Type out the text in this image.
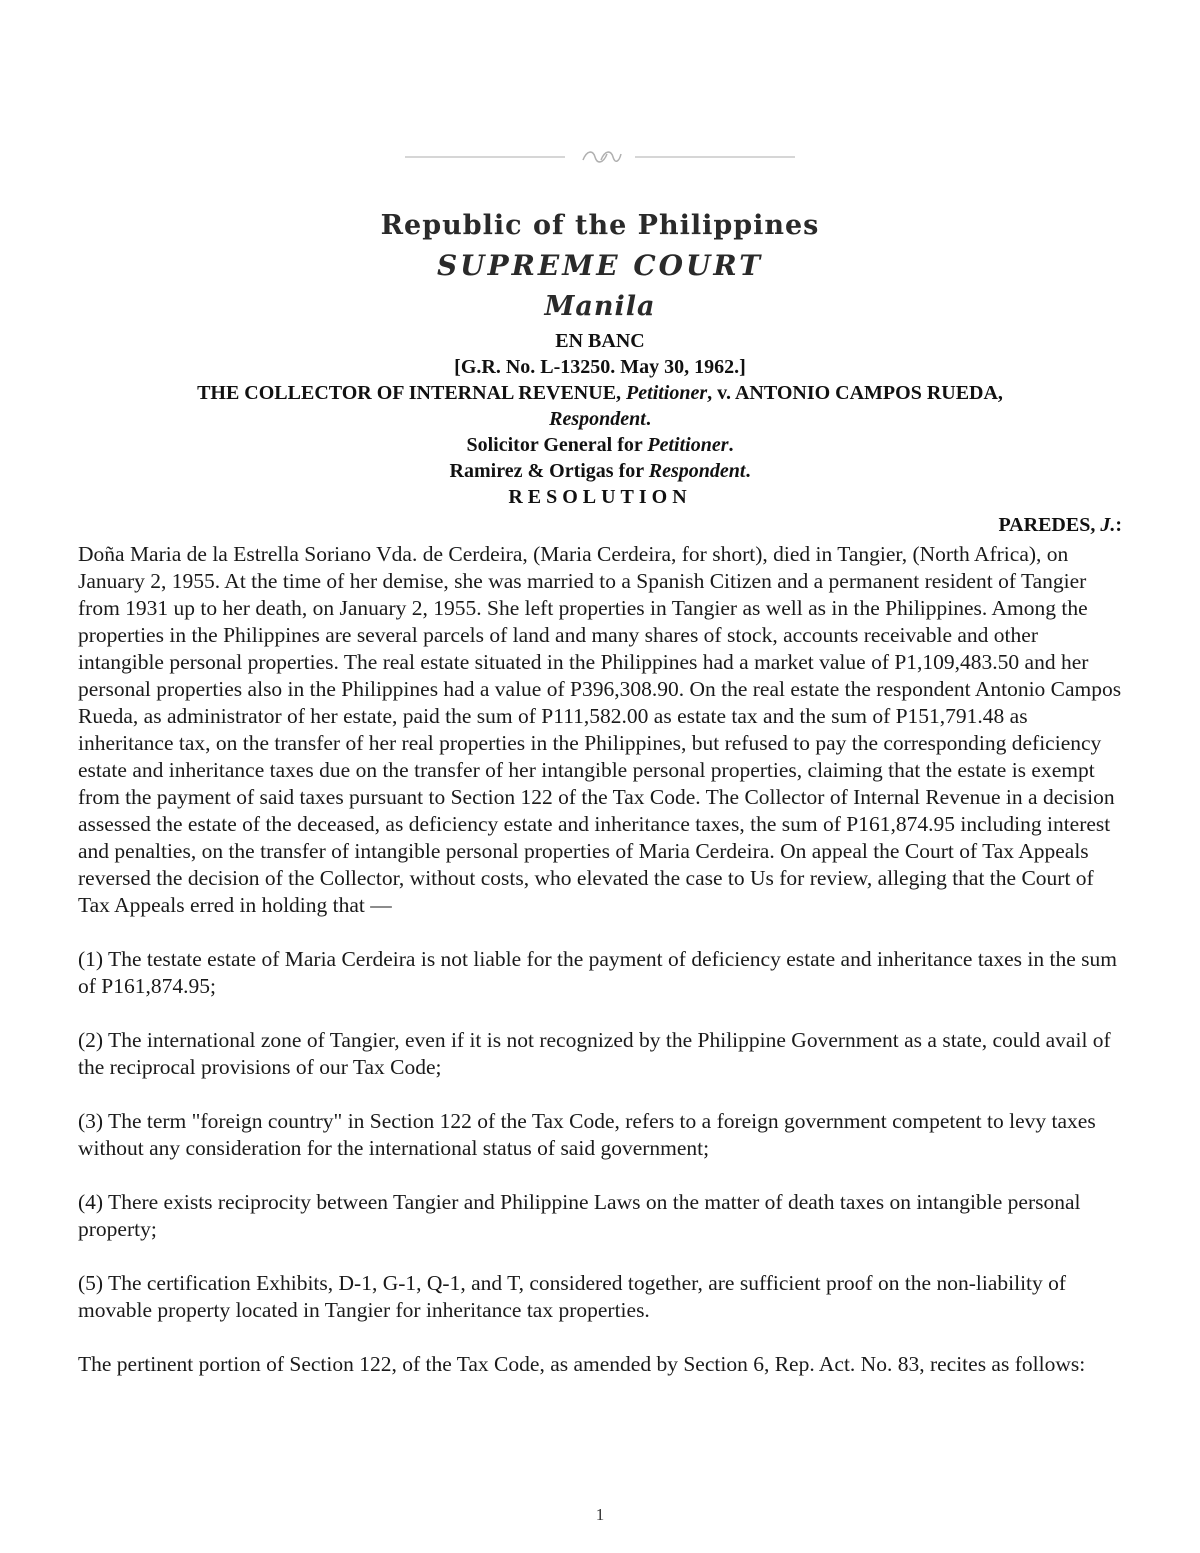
Republic of the Philippines
SUPREME COURT
Manila
EN BANC
[G.R. No. L-13250. May 30, 1962.]
THE COLLECTOR OF INTERNAL REVENUE, Petitioner, v. ANTONIO CAMPOS RUEDA,
Respondent.
Solicitor General for Petitioner.
Ramirez & Ortigas for Respondent.
RESOLUTION
PAREDES, J.:

Doña Maria de la Estrella Soriano Vda. de Cerdeira, (Maria Cerdeira, for short), died in Tangier, (North Africa), on January 2, 1955. At the time of her demise, she was married to a Spanish Citizen and a permanent resident of Tangier from 1931 up to her death, on January 2, 1955. She left properties in Tangier as well as in the Philippines. Among the properties in the Philippines are several parcels of land and many shares of stock, accounts receivable and other intangible personal properties. The real estate situated in the Philippines had a market value of P1,109,483.50 and her personal properties also in the Philippines had a value of P396,308.90. On the real estate the respondent Antonio Campos Rueda, as administrator of her estate, paid the sum of P111,582.00 as estate tax and the sum of P151,791.48 as inheritance tax, on the transfer of her real properties in the Philippines, but refused to pay the corresponding deficiency estate and inheritance taxes due on the transfer of her intangible personal properties, claiming that the estate is exempt from the payment of said taxes pursuant to Section 122 of the Tax Code. The Collector of Internal Revenue in a decision assessed the estate of the deceased, as deficiency estate and inheritance taxes, the sum of P161,874.95 including interest and penalties, on the transfer of intangible personal properties of Maria Cerdeira. On appeal the Court of Tax Appeals reversed the decision of the Collector, without costs, who elevated the case to Us for review, alleging that the Court of Tax Appeals erred in holding that —

(1) The testate estate of Maria Cerdeira is not liable for the payment of deficiency estate and inheritance taxes in the sum of P161,874.95;

(2) The international zone of Tangier, even if it is not recognized by the Philippine Government as a state, could avail of the reciprocal provisions of our Tax Code;

(3) The term "foreign country" in Section 122 of the Tax Code, refers to a foreign government competent to levy taxes without any consideration for the international status of said government;

(4) There exists reciprocity between Tangier and Philippine Laws on the matter of death taxes on intangible personal property;

(5) The certification Exhibits, D-1, G-1, Q-1, and T, considered together, are sufficient proof on the non-liability of movable property located in Tangier for inheritance tax properties.

The pertinent portion of Section 122, of the Tax Code, as amended by Section 6, Rep. Act. No. 83, recites as follows:

1
